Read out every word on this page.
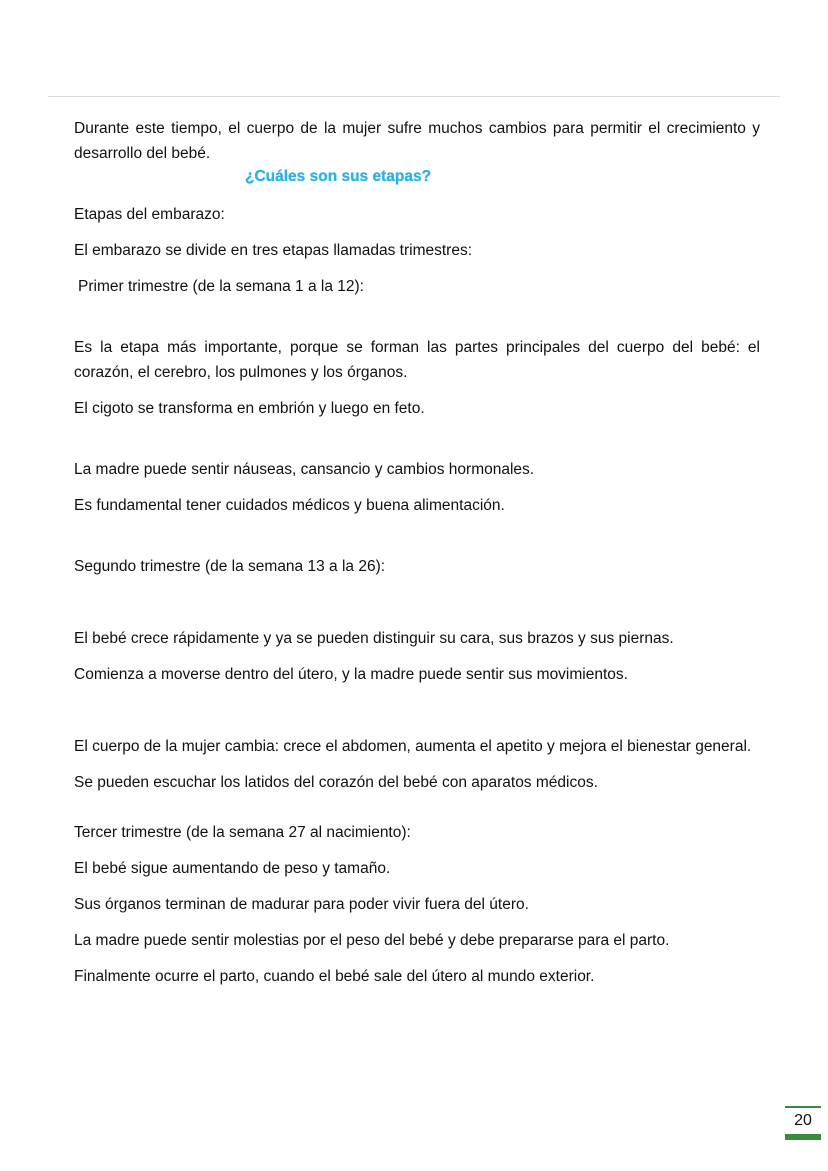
Durante este tiempo, el cuerpo de la mujer sufre muchos cambios para permitir el crecimiento y desarrollo del bebé.

¿Cuáles son sus etapas?

Etapas del embarazo:

El embarazo se divide en tres etapas llamadas trimestres:

Primer trimestre (de la semana 1 a la 12):

Es la etapa más importante, porque se forman las partes principales del cuerpo del bebé: el corazón, el cerebro, los pulmones y los órganos.

El cigoto se transforma en embrión y luego en feto.

La madre puede sentir náuseas, cansancio y cambios hormonales.

Es fundamental tener cuidados médicos y buena alimentación.

Segundo trimestre (de la semana 13 a la 26):

El bebé crece rápidamente y ya se pueden distinguir su cara, sus brazos y sus piernas.

Comienza a moverse dentro del útero, y la madre puede sentir sus movimientos.

El cuerpo de la mujer cambia: crece el abdomen, aumenta el apetito y mejora el bienestar general.

Se pueden escuchar los latidos del corazón del bebé con aparatos médicos.

Tercer trimestre (de la semana 27 al nacimiento):

El bebé sigue aumentando de peso y tamaño.

Sus órganos terminan de madurar para poder vivir fuera del útero.

La madre puede sentir molestias por el peso del bebé y debe prepararse para el parto.

Finalmente ocurre el parto, cuando el bebé sale del útero al mundo exterior.

20
